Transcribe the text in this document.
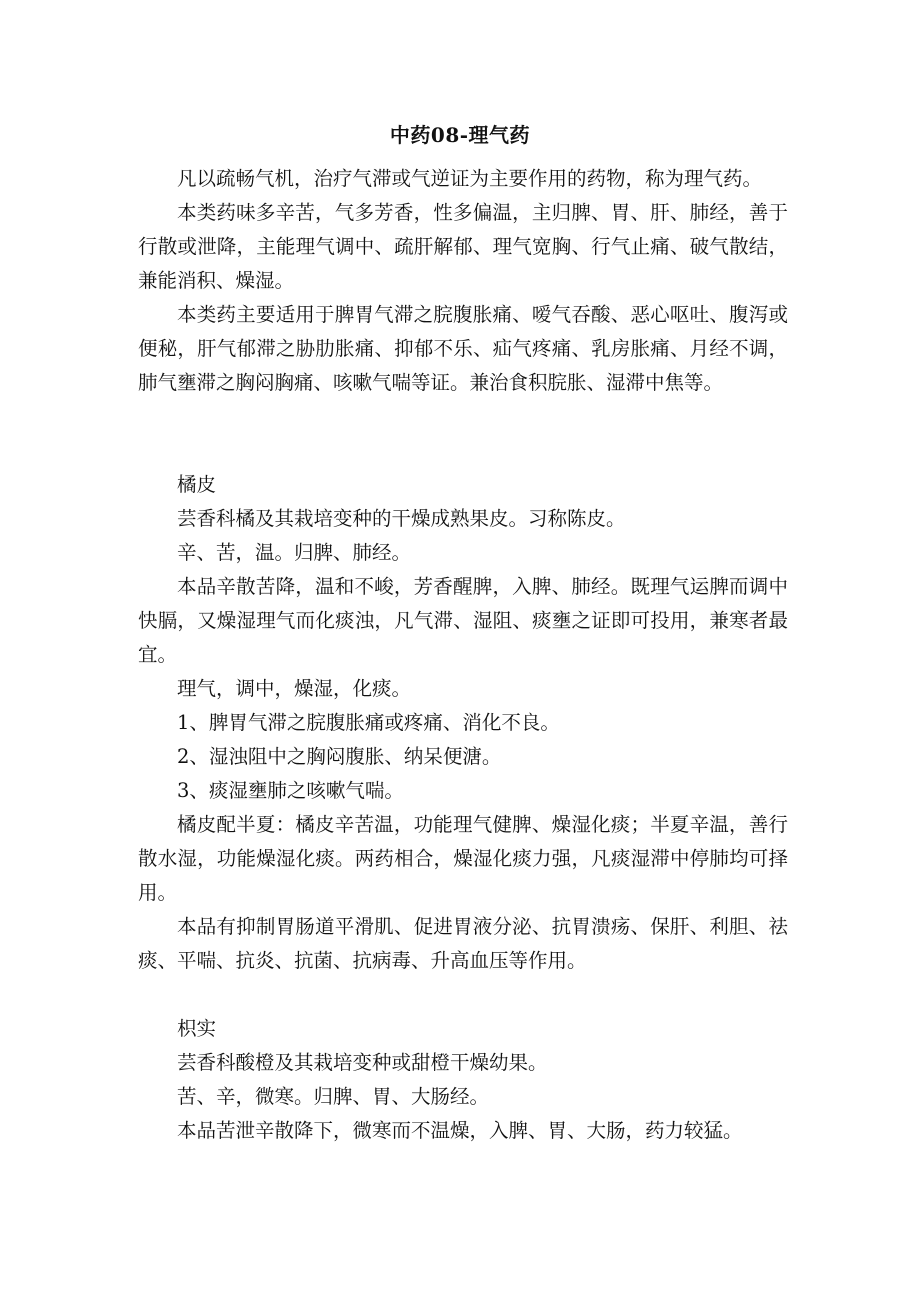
中药08-理气药

凡以疏畅气机，治疗气滞或气逆证为主要作用的药物，称为理气药。

本类药味多辛苦，气多芳香，性多偏温，主归脾、胃、肝、肺经，善于行散或泄降，主能理气调中、疏肝解郁、理气宽胸、行气止痛、破气散结，兼能消积、燥湿。

本类药主要适用于脾胃气滞之脘腹胀痛、嗳气吞酸、恶心呕吐、腹泻或便秘，肝气郁滞之胁肋胀痛、抑郁不乐、疝气疼痛、乳房胀痛、月经不调，肺气壅滞之胸闷胸痛、咳嗽气喘等证。兼治食积脘胀、湿滞中焦等。

橘皮

芸香科橘及其栽培变种的干燥成熟果皮。习称陈皮。

辛、苦，温。归脾、肺经。

本品辛散苦降，温和不峻，芳香醒脾，入脾、肺经。既理气运脾而调中快膈，又燥湿理气而化痰浊，凡气滞、湿阻、痰壅之证即可投用，兼寒者最宜。

理气，调中，燥湿，化痰。

1、脾胃气滞之脘腹胀痛或疼痛、消化不良。

2、湿浊阻中之胸闷腹胀、纳呆便溏。

3、痰湿壅肺之咳嗽气喘。

橘皮配半夏：橘皮辛苦温，功能理气健脾、燥湿化痰；半夏辛温，善行散水湿，功能燥湿化痰。两药相合，燥湿化痰力强，凡痰湿滞中停肺均可择用。

本品有抑制胃肠道平滑肌、促进胃液分泌、抗胃溃疡、保肝、利胆、祛痰、平喘、抗炎、抗菌、抗病毒、升高血压等作用。

枳实

芸香科酸橙及其栽培变种或甜橙干燥幼果。

苦、辛，微寒。归脾、胃、大肠经。

本品苦泄辛散降下，微寒而不温燥，入脾、胃、大肠，药力较猛。
